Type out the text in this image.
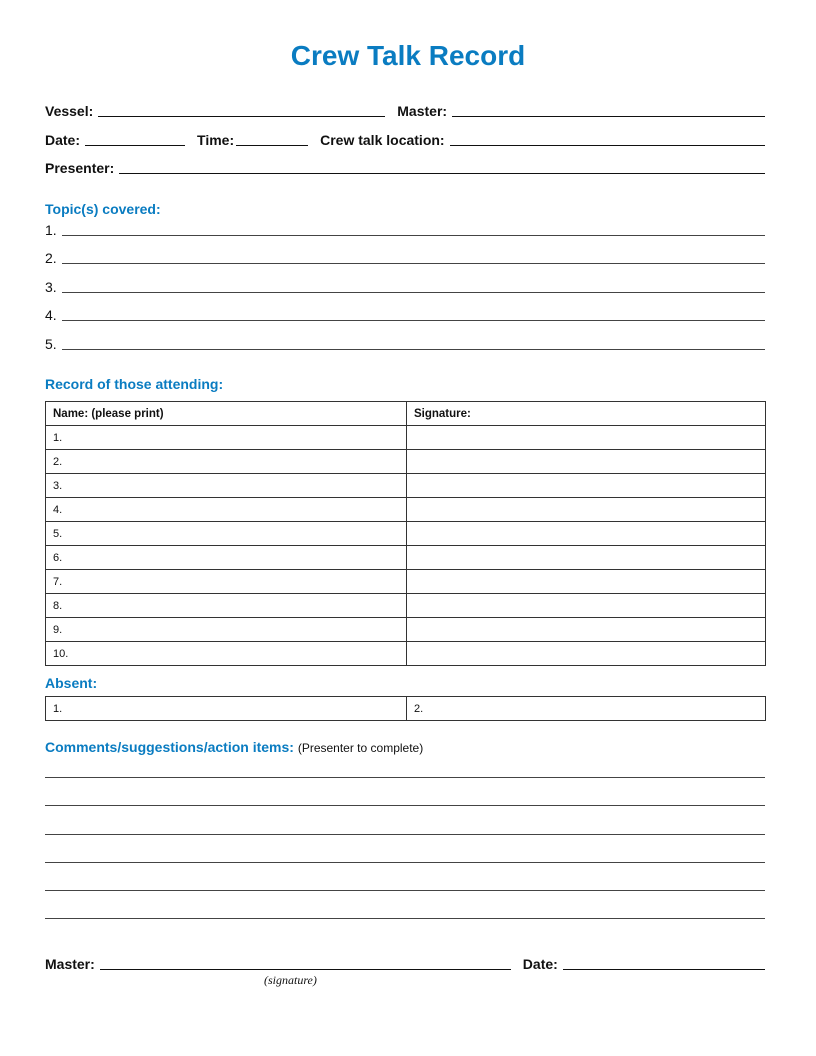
Crew Talk Record
Vessel:	Master:
Date:	Time:	Crew talk location:
Presenter:
Topic(s) covered:
1.
2.
3.
4.
5.
Record of those attending:
Name: (please print)	Signature:
1.	
2.	
3.	
4.	
5.	
6.	
7.	
8.	
9.	
10.	
Absent:
1.	2.
Comments/suggestions/action items: (Presenter to complete)
Master:	Date:
(signature)
